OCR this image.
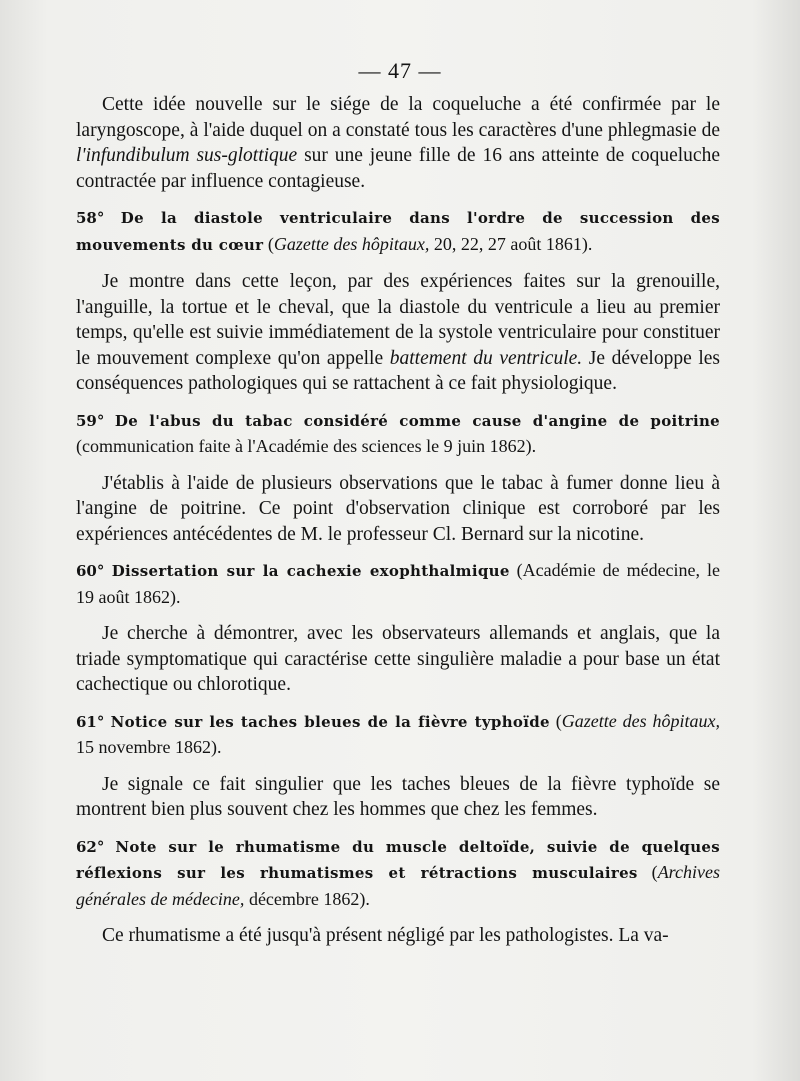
— 47 —

Cette idée nouvelle sur le siége de la coqueluche a été confirmée par le laryngoscope, à l'aide duquel on a constaté tous les caractères d'une phlegmasie de l'infundibulum sus-glottique sur une jeune fille de 16 ans atteinte de coqueluche contractée par influence contagieuse.

58° De la diastole ventriculaire dans l'ordre de succession des mouvements du cœur (Gazette des hôpitaux, 20, 22, 27 août 1861).

Je montre dans cette leçon, par des expériences faites sur la grenouille, l'anguille, la tortue et le cheval, que la diastole du ventricule a lieu au premier temps, qu'elle est suivie immédiatement de la systole ventriculaire pour constituer le mouvement complexe qu'on appelle battement du ventricule. Je développe les conséquences pathologiques qui se rattachent à ce fait physiologique.

59° De l'abus du tabac considéré comme cause d'angine de poitrine (communication faite à l'Académie des sciences le 9 juin 1862).

J'établis à l'aide de plusieurs observations que le tabac à fumer donne lieu à l'angine de poitrine. Ce point d'observation clinique est corroboré par les expériences antécédentes de M. le professeur Cl. Bernard sur la nicotine.

60° Dissertation sur la cachexie exophthalmique (Académie de médecine, le 19 août 1862).

Je cherche à démontrer, avec les observateurs allemands et anglais, que la triade symptomatique qui caractérise cette singulière maladie a pour base un état cachectique ou chlorotique.

61° Notice sur les taches bleues de la fièvre typhoïde (Gazette des hôpitaux, 15 novembre 1862).

Je signale ce fait singulier que les taches bleues de la fièvre typhoïde se montrent bien plus souvent chez les hommes que chez les femmes.

62° Note sur le rhumatisme du muscle deltoïde, suivie de quelques réflexions sur les rhumatismes et rétractions musculaires (Archives générales de médecine, décembre 1862).

Ce rhumatisme a été jusqu'à présent négligé par les pathologistes. La va-
